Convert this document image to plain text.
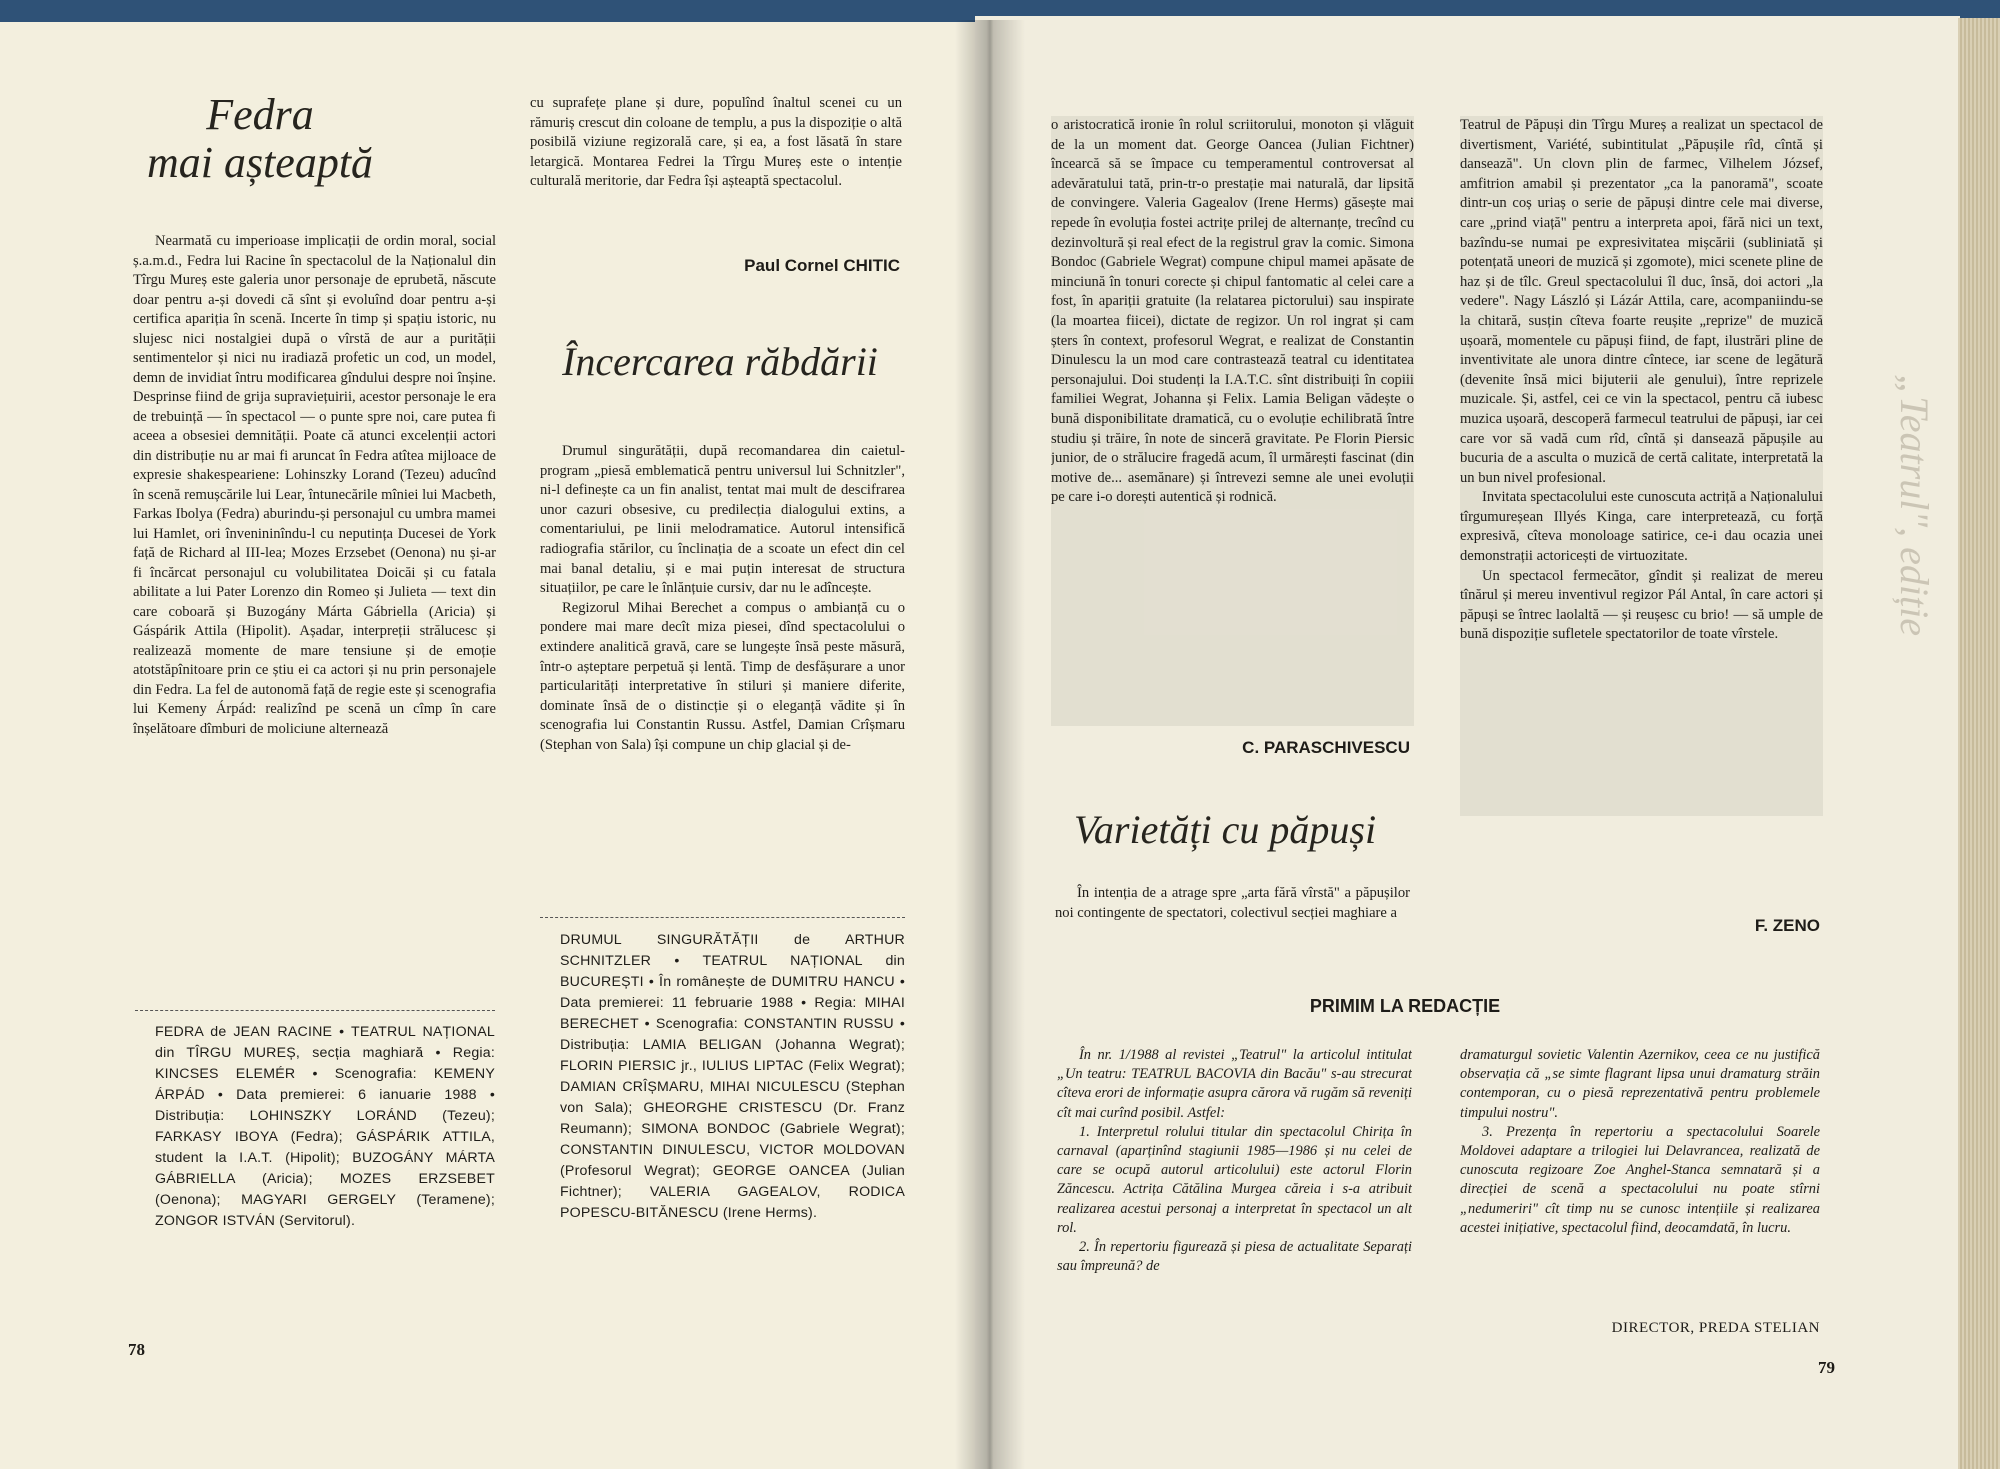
Fedra
mai așteaptă

Nearmată cu imperioase implicații de ordin moral, social ș.a.m.d., Fedra lui Racine în spectacolul de la Naționalul din Tîrgu Mureș este galeria unor personaje de eprubetă, născute doar pentru a-și dovedi că sînt și evoluînd doar pentru a-și certifica apariția în scenă. Incerte în timp și spațiu istoric, nu slujesc nici nostalgiei după o vîrstă de aur a purității sentimentelor și nici nu iradiază profetic un cod, un model, demn de invidiat întru modificarea gîndului despre noi înșine. Desprinse fiind de grija supraviețuirii, acestor personaje le era de trebuință — în spectacol — o punte spre noi, care putea fi aceea a obsesiei demnității. Poate că atunci excelenții actori din distribuție nu ar mai fi aruncat în Fedra atîtea mijloace de expresie shakespeariene: Lohinszky Lorand (Tezeu) aducînd în scenă remușcările lui Lear, întunecările mîniei lui Macbeth, Farkas Ibolya (Fedra) aburindu-și personajul cu umbra mamei lui Hamlet, ori învenininîndu-l cu neputința Ducesei de York față de Richard al III-lea; Mozes Erzsebet (Oenona) nu și-ar fi încărcat personajul cu volubilitatea Doicăi și cu fatala abilitate a lui Pater Lorenzo din Romeo și Julieta — text din care coboară și Buzogány Márta Gábriella (Aricia) și Gáspárik Attila (Hipolit). Așadar, interpreții strălucesc și realizează momente de mare tensiune și de emoție atotstăpînitoare prin ce știu ei ca actori și nu prin personajele din Fedra. La fel de autonomă față de regie este și scenografia lui Kemeny Árpád: realizînd pe scenă un cîmp în care înșelătoare dîmburi de moliciune alternează

FEDRA de JEAN RACINE • TEATRUL NAȚIONAL din TÎRGU MUREȘ, secția maghiară • Regia: KINCSES ELEMÉR • Scenografia: KEMENY ÁRPÁD • Data premierei: 6 ianuarie 1988 • Distribuția: LOHINSZKY LORÁND (Tezeu); FARKASY IBOYA (Fedra); GÁSPÁRIK ATTILA, student la I.A.T. (Hipolit); BUZOGÁNY MÁRTA GÁBRIELLA (Aricia); MOZES ERZSEBET (Oenona); MAGYARI GERGELY (Teramene); ZONGOR ISTVÁN (Servitorul).
78

cu suprafețe plane și dure, populînd înaltul scenei cu un rămuriș crescut din coloane de templu, a pus la dispoziție o altă posibilă viziune regizorală care, și ea, a fost lăsată în stare letargică. Montarea Fedrei la Tîrgu Mureș este o intenție culturală meritorie, dar Fedra își așteaptă spectacolul.

Paul Cornel CHITIC
Încercarea răbdării

Drumul singurătății, după recomandarea din caietul-program „piesă emblematică pentru universul lui Schnitzler", ni-l definește ca un fin analist, tentat mai mult de descifrarea unor cazuri obsesive, cu predilecția dialogului extins, a comentariului, pe linii melodramatice. Autorul intensifică radiografia stărilor, cu înclinația de a scoate un efect din cel mai banal detaliu, și e mai puțin interesat de structura situațiilor, pe care le înlănțuie cursiv, dar nu le adîncește.

Regizorul Mihai Berechet a compus o ambianță cu o pondere mai mare decît miza piesei, dînd spectacolului o extindere analitică gravă, care se lungește însă peste măsură, într-o așteptare perpetuă și lentă. Timp de desfășurare a unor particularități interpretative în stiluri și maniere diferite, dominate însă de o distincție și o eleganță vădite și în scenografia lui Constantin Russu. Astfel, Damian Crîșmaru (Stephan von Sala) își compune un chip glacial și de-

DRUMUL SINGURĂTĂȚII de ARTHUR SCHNITZLER • TEATRUL NAȚIONAL din BUCUREȘTI • În românește de DUMITRU HANCU • Data premierei: 11 februarie 1988 • Regia: MIHAI BERECHET • Scenografia: CONSTANTIN RUSSU • Distribuția: LAMIA BELIGAN (Johanna Wegrat); FLORIN PIERSIC jr., IULIUS LIPTAC (Felix Wegrat); DAMIAN CRÎȘMARU, MIHAI NICULESCU (Stephan von Sala); GHEORGHE CRISTESCU (Dr. Franz Reumann); SIMONA BONDOC (Gabriele Wegrat); CONSTANTIN DINULESCU, VICTOR MOLDOVAN (Profesorul Wegrat); GEORGE OANCEA (Julian Fichtner); VALERIA GAGEALOV, RODICA POPESCU-BITĂNESCU (Irene Herms).

o aristocratică ironie în rolul scriitorului, monoton și vlăguit de la un moment dat. George Oancea (Julian Fichtner) încearcă să se împace cu temperamentul controversat al adevăratului tată, prin-tr-o prestație mai naturală, dar lipsită de convingere. Valeria Gagealov (Irene Herms) găsește mai repede în evoluția fostei actrițe prilej de alternanțe, trecînd cu dezinvoltură și real efect de la registrul grav la comic. Simona Bondoc (Gabriele Wegrat) compune chipul mamei apăsate de minciună în tonuri corecte și chipul fantomatic al celei care a fost, în apariții gratuite (la relatarea pictorului) sau inspirate (la moartea fiicei), dictate de regizor. Un rol ingrat și cam șters în context, profesorul Wegrat, e realizat de Constantin Dinulescu la un mod care contrastează teatral cu identitatea personajului. Doi studenți la I.A.T.C. sînt distribuiți în copiii familiei Wegrat, Johanna și Felix. Lamia Beligan vădește o bună disponibilitate dramatică, cu o evoluție echilibrată între studiu și trăire, în note de sinceră gravitate. Pe Florin Piersic junior, de o strălucire fragedă acum, îl urmărești fascinat (din motive de... asemănare) și întrevezi semne ale unei evoluții pe care i-o dorești autentică și rodnică.

C. PARASCHIVESCU
Varietăți cu păpuși

În intenția de a atrage spre „arta fără vîrstă" a păpușilor noi contingente de spectatori, colectivul secției maghiare a

Teatrul de Păpuși din Tîrgu Mureș a realizat un spectacol de divertisment, Variété, subintitulat „Păpușile rîd, cîntă și dansează". Un clovn plin de farmec, Vilhelem József, amfitrion amabil și prezentator „ca la panoramă", scoate dintr-un coș uriaș o serie de păpuși dintre cele mai diverse, care „prind viață" pentru a interpreta apoi, fără nici un text, bazîndu-se numai pe expresivitatea mișcării (subliniată și potențată uneori de muzică și zgomote), mici scenete pline de haz și de tîlc. Greul spectacolului îl duc, însă, doi actori „la vedere". Nagy László și Lázár Attila, care, acompaniindu-se la chitară, susțin cîteva foarte reușite „reprize" de muzică ușoară, momentele cu păpuși fiind, de fapt, ilustrări pline de inventivitate ale unora dintre cîntece, iar scene de legătură (devenite însă mici bijuterii ale genului), între reprizele muzicale. Și, astfel, cei ce vin la spectacol, pentru că iubesc muzica ușoară, descoperă farmecul teatrului de păpuși, iar cei care vor să vadă cum rîd, cîntă și dansează păpușile au bucuria de a asculta o muzică de certă calitate, interpretată la un bun nivel profesional.

Invitata spectacolului este cunoscuta actriță a Naționalului tîrgumureșean Illyés Kinga, care interpretează, cu forță expresivă, cîteva monoloage satirice, ce-i dau ocazia unei demonstrații actoricești de virtuozitate.

Un spectacol fermecător, gîndit și realizat de mereu tînărul și mereu inventivul regizor Pál Antal, în care actori și păpuși se întrec laolaltă — și reușesc cu brio! — să umple de bună dispoziție sufletele spectatorilor de toate vîrstele.

F. ZENO
PRIMIM LA REDACȚIE

În nr. 1/1988 al revistei „Teatrul" la articolul intitulat „Un teatru: TEATRUL BACOVIA din Bacău" s-au strecurat cîteva erori de informație asupra cărora vă rugăm să reveniți cît mai curînd posibil. Astfel:

1. Interpretul rolului titular din spectacolul Chirița în carnaval (aparținînd stagiunii 1985—1986 și nu celei de care se ocupă autorul articolului) este actorul Florin Zăncescu. Actrița Cătălina Murgea căreia i s-a atribuit realizarea acestui personaj a interpretat în spectacol un alt rol.

2. În repertoriu figurează și piesa de actualitate Separați sau împreună? de

dramaturgul sovietic Valentin Azernikov, ceea ce nu justifică observația că „se simte flagrant lipsa unui dramaturg străin contemporan, cu o piesă reprezentativă pentru problemele timpului nostru".

3. Prezența în repertoriu a spectacolului Soarele Moldovei adaptare a trilogiei lui Delavrancea, realizată de cunoscuta regizoare Zoe Anghel-Stanca semnatară și a direcției de scenă a spectacolului nu poate stîrni „nedumeriri" cît timp nu se cunosc intențiile și realizarea acestei inițiative, spectacolul fiind, deocamdată, în lucru.

DIRECTOR, PREDA STELIAN
79
„Teatrul", ediție
